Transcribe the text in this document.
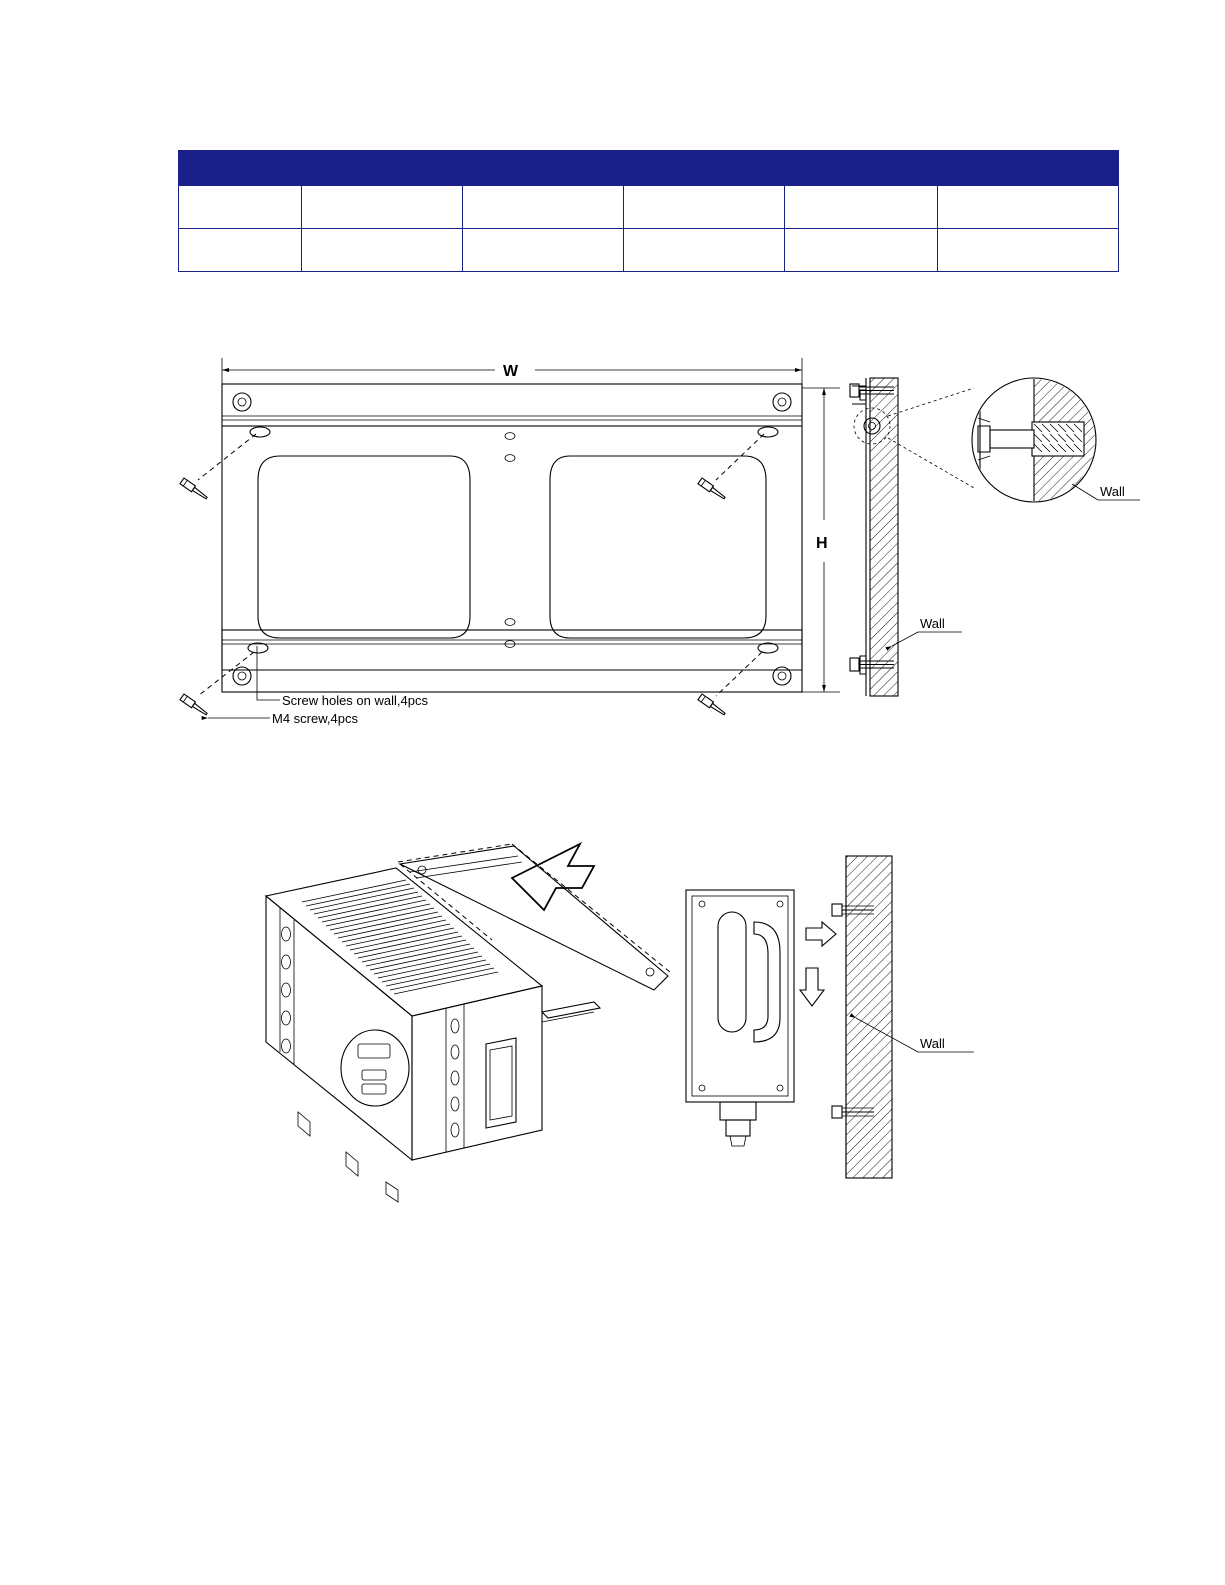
W
H
Screw holes on wall,4pcs
M4 screw,4pcs
Wall
Wall
Wall
